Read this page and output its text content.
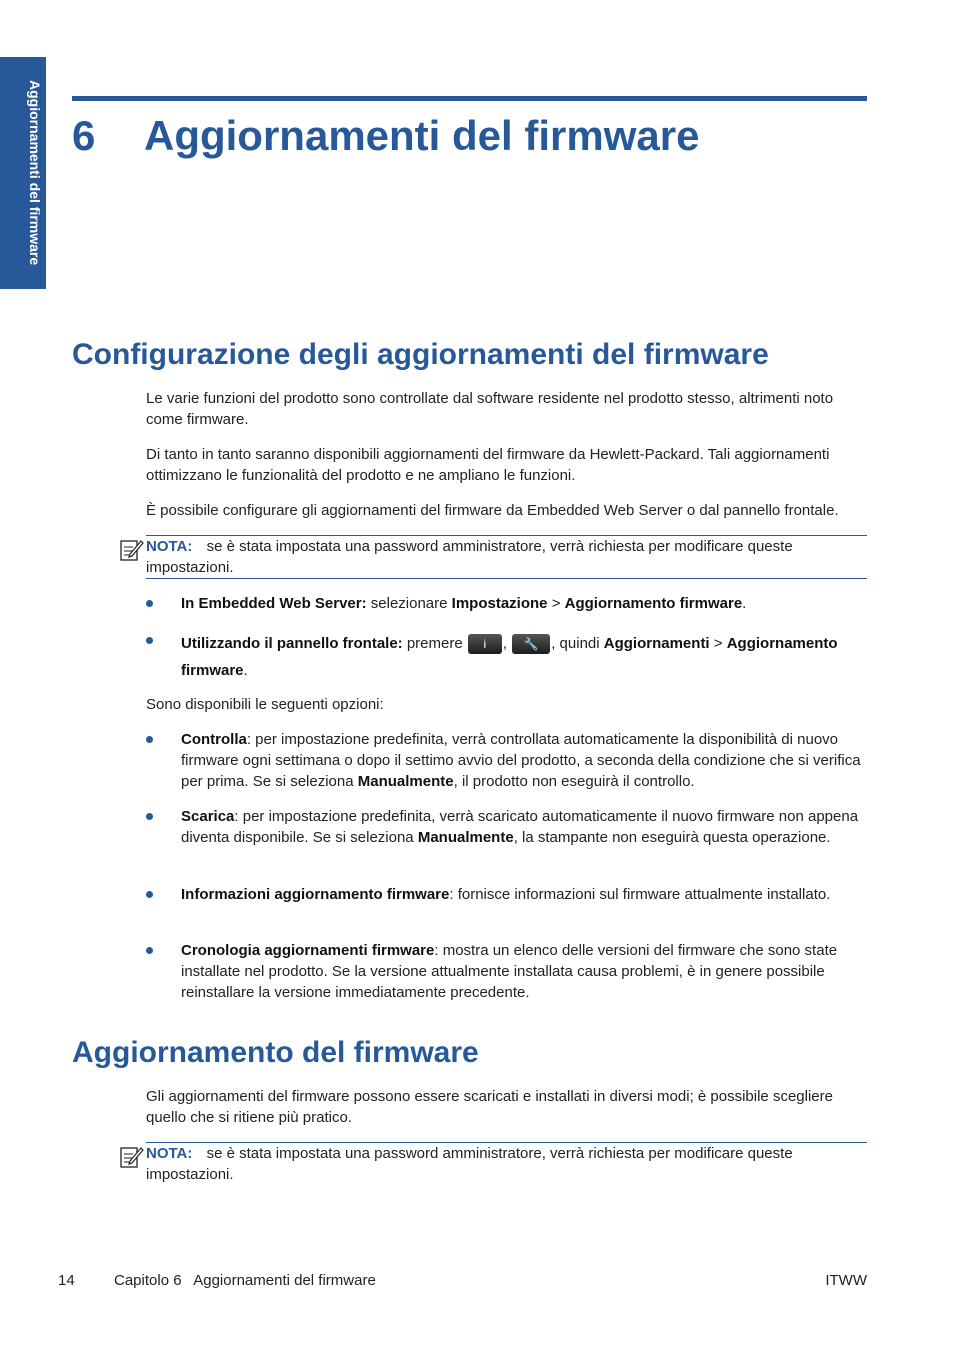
Aggiornamenti del firmware 6 Aggiornamenti del firmware
Configurazione degli aggiornamenti del firmware

Le varie funzioni del prodotto sono controllate dal software residente nel prodotto stesso, altrimenti noto come firmware.

Di tanto in tanto saranno disponibili aggiornamenti del firmware da Hewlett-Packard. Tali aggiornamenti ottimizzano le funzionalità del prodotto e ne ampliano le funzioni.

È possibile configurare gli aggiornamenti del firmware da Embedded Web Server o dal pannello frontale.

NOTA: se è stata impostata una password amministratore, verrà richiesta per modificare queste impostazioni.

In Embedded Web Server: selezionare Impostazione > Aggiornamento firmware.
Utilizzando il pannello frontale: premere i , 🔧 , quindi Aggiornamenti > Aggiornamento firmware.

Sono disponibili le seguenti opzioni:

Controlla: per impostazione predefinita, verrà controllata automaticamente la disponibilità di nuovo firmware ogni settimana o dopo il settimo avvio del prodotto, a seconda della condizione che si verifica per prima. Se si seleziona Manualmente, il prodotto non eseguirà il controllo.
Scarica: per impostazione predefinita, verrà scaricato automaticamente il nuovo firmware non appena diventa disponibile. Se si seleziona Manualmente, la stampante non eseguirà questa operazione.
Informazioni aggiornamento firmware: fornisce informazioni sul firmware attualmente installato.
Cronologia aggiornamenti firmware: mostra un elenco delle versioni del firmware che sono state installate nel prodotto. Se la versione attualmente installata causa problemi, è in genere possibile reinstallare la versione immediatamente precedente.
Aggiornamento del firmware

Gli aggiornamenti del firmware possono essere scaricati e installati in diversi modi; è possibile scegliere quello che si ritiene più pratico.

NOTA: se è stata impostata una password amministratore, verrà richiesta per modificare queste impostazioni.

14	Capitolo 6   Aggiornamenti del firmware	ITWW
